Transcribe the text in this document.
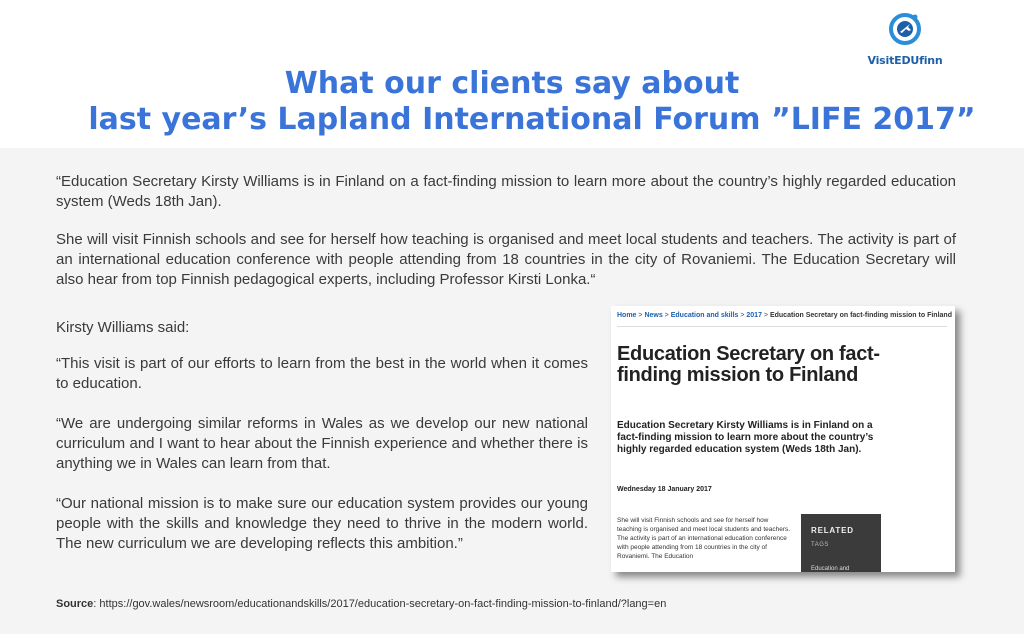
VisitEDUfinn
What our clients say about
last year’s Lapland International Forum ”LIFE 2017”
“Education Secretary Kirsty Williams is in Finland on a fact-finding mission to learn more about the country’s highly regarded education system (Weds 18th Jan).
She will visit Finnish schools and see for herself how teaching is organised and meet local students and teachers. The activity is part of an international education conference with people attending from 18 countries in the city of Rovaniemi. The Education Secretary will also hear from top Finnish pedagogical experts, including Professor Kirsti Lonka.“
Kirsty Williams said:
“This visit is part of our efforts to learn from the best in the world when it comes to education.
“We are undergoing similar reforms in Wales as we develop our new national curriculum and I want to hear about the Finnish experience and whether there is anything we in Wales can learn from that.
“Our national mission is to make sure our education system provides our young people with the skills and knowledge they need to thrive in the modern world. The new curriculum we are developing reflects this ambition.”
Source: https://gov.wales/newsroom/educationandskills/2017/education-secretary-on-fact-finding-mission-to-finland/?lang=en
Home > News > Education and skills > 2017 > Education Secretary on fact-finding mission to Finland
Education Secretary on fact-finding mission to Finland
Education Secretary Kirsty Williams is in Finland on a fact-finding mission to learn more about the country’s highly regarded education system (Weds 18th Jan).
Wednesday 18 January 2017
She will visit Finnish schools and see for herself how teaching is organised and meet local students and teachers. The activity is part of an international education conference with people attending from 18 countries in the city of Rovaniemi. The Education
RELATED
TAGS
Education and
